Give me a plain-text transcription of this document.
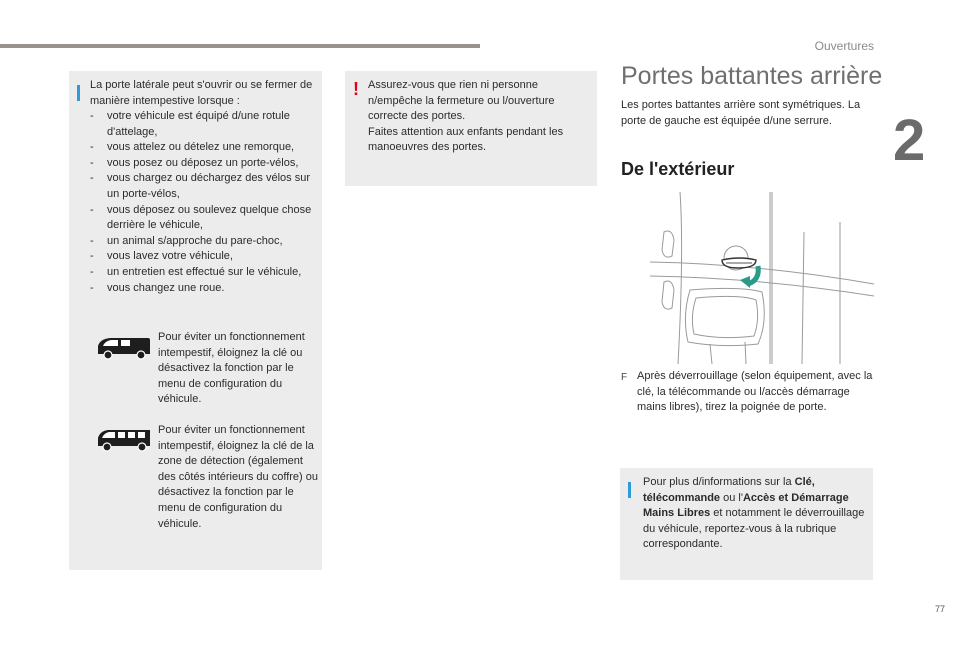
Ouvertures
2
77
La porte latérale peut s'ouvrir ou se fermer de manière intempestive lorsque :
- votre véhicule est équipé d/une rotule d'attelage,
- vous attelez ou dételez une remorque,
- vous posez ou déposez un porte-vélos,
- vous chargez ou déchargez des vélos sur un porte-vélos,
- vous déposez ou soulevez quelque chose derrière le véhicule,
- un animal s/approche du pare-choc,
- vous lavez votre véhicule,
- un entretien est effectué sur le véhicule,
- vous changez une roue.
Pour éviter un fonctionnement intempestif, éloignez la clé ou désactivez la fonction par le menu de configuration du véhicule.
Pour éviter un fonctionnement intempestif, éloignez la clé de la zone de détection (également des côtés intérieurs du coffre) ou désactivez la fonction par le menu de configuration du véhicule.
! Assurez-vous que rien ni personne n/empêche la fermeture ou l/ouverture correcte des portes.
Faites attention aux enfants pendant les manoeuvres des portes.
Portes battantes arrière
Les portes battantes arrière sont symétriques. La porte de gauche est équipée d/une serrure.
De l'extérieur
F Après déverrouillage (selon équipement, avec la clé, la télécommande ou l/accès démarrage mains libres), tirez la poignée de porte.
Pour plus d/informations sur la Clé, télécommande ou l'Accès et Démarrage Mains Libres et notamment le déverrouillage du véhicule, reportez-vous à la rubrique correspondante.
